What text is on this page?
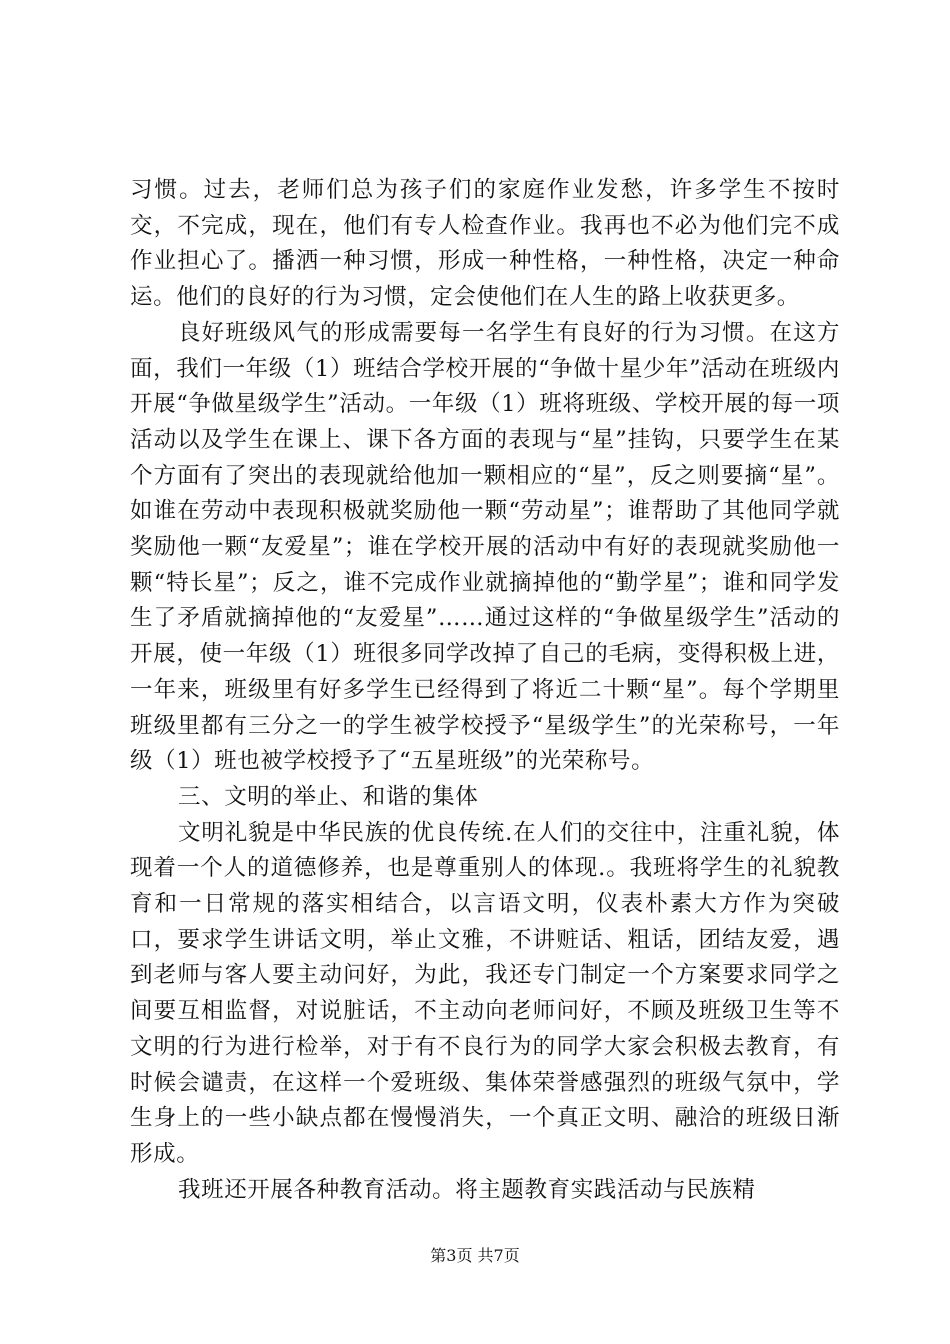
习惯。过去，老师们总为孩子们的家庭作业发愁，许多学生不按时交，不完成，现在，他们有专人检查作业。我再也不必为他们完不成作业担心了。播洒一种习惯，形成一种性格，一种性格，决定一种命运。他们的良好的行为习惯，定会使他们在人生的路上收获更多。

良好班级风气的形成需要每一名学生有良好的行为习惯。在这方面，我们一年级（1）班结合学校开展的“争做十星少年”活动在班级内开展“争做星级学生”活动。一年级（1）班将班级、学校开展的每一项活动以及学生在课上、课下各方面的表现与“星”挂钩，只要学生在某个方面有了突出的表现就给他加一颗相应的“星”，反之则要摘“星”。如谁在劳动中表现积极就奖励他一颗“劳动星”；谁帮助了其他同学就奖励他一颗“友爱星”；谁在学校开展的活动中有好的表现就奖励他一颗“特长星”；反之，谁不完成作业就摘掉他的“勤学星”；谁和同学发生了矛盾就摘掉他的“友爱星”……通过这样的“争做星级学生”活动的开展，使一年级（1）班很多同学改掉了自己的毛病，变得积极上进，一年来，班级里有好多学生已经得到了将近二十颗“星”。每个学期里班级里都有三分之一的学生被学校授予“星级学生”的光荣称号，一年级（1）班也被学校授予了“五星班级”的光荣称号。

三、文明的举止、和谐的集体

文明礼貌是中华民族的优良传统.在人们的交往中，注重礼貌，体现着一个人的道德修养，也是尊重别人的体现.。我班将学生的礼貌教育和一日常规的落实相结合，以言语文明，仪表朴素大方作为突破口，要求学生讲话文明，举止文雅，不讲赃话、粗话，团结友爱，遇到老师与客人要主动问好，为此，我还专门制定一个方案要求同学之间要互相监督，对说脏话，不主动向老师问好，不顾及班级卫生等不文明的行为进行检举，对于有不良行为的同学大家会积极去教育，有时候会谴责，在这样一个爱班级、集体荣誉感强烈的班级气氛中，学生身上的一些小缺点都在慢慢消失，一个真正文明、融洽的班级日渐形成。

我班还开展各种教育活动。将主题教育实践活动与民族精

第3页 共7页
